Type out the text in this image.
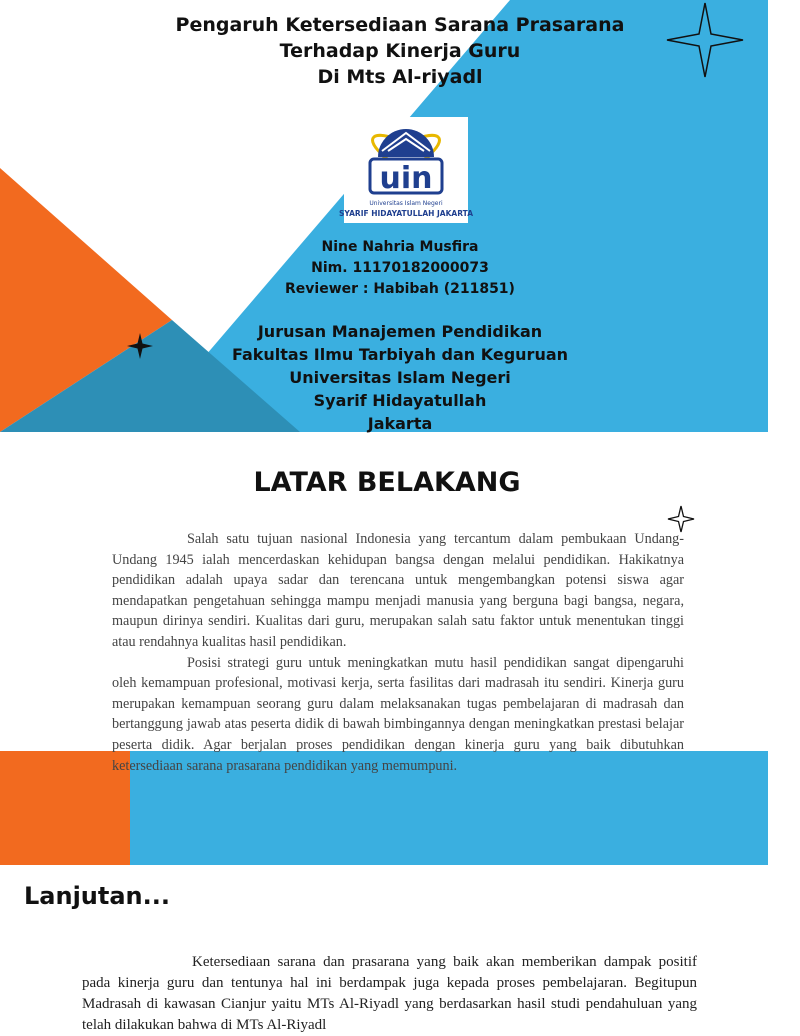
Pengaruh Ketersediaan Sarana Prasarana
Terhadap Kinerja Guru
Di Mts Al-riyadl
uin
Universitas Islam Negeri
SYARIF HIDAYATULLAH JAKARTA
Nine Nahria Musfira
Nim. 11170182000073
Reviewer : Habibah (211851)
Jurusan Manajemen Pendidikan
Fakultas Ilmu Tarbiyah dan Keguruan
Universitas Islam Negeri
Syarif Hidayatullah
Jakarta
LATAR BELAKANG

Salah satu tujuan nasional Indonesia yang tercantum dalam pembukaan Undang-Undang 1945 ialah mencerdaskan kehidupan bangsa dengan melalui pendidikan. Hakikatnya pendidikan adalah upaya sadar dan terencana untuk mengembangkan potensi siswa agar mendapatkan pengetahuan sehingga mampu menjadi manusia yang berguna bagi bangsa, negara, maupun dirinya sendiri. Kualitas dari guru, merupakan salah satu faktor untuk menentukan tinggi atau rendahnya kualitas hasil pendidikan.

Posisi strategi guru untuk meningkatkan mutu hasil pendidikan sangat dipengaruhi oleh kemampuan profesional, motivasi kerja, serta fasilitas dari madrasah itu sendiri. Kinerja guru merupakan kemampuan seorang guru dalam melaksanakan tugas pembelajaran di madrasah dan bertanggung jawab atas peserta didik di bawah bimbingannya dengan meningkatkan prestasi belajar peserta didik. Agar berjalan proses pendidikan dengan kinerja guru yang baik dibutuhkan ketersediaan sarana prasarana pendidikan yang memumpuni.

Lanjutan...

Ketersediaan sarana dan prasarana yang baik akan memberikan dampak positif pada kinerja guru dan tentunya hal ini berdampak juga kepada proses pembelajaran. Begitupun Madrasah di kawasan Cianjur yaitu MTs Al-Riyadl yang berdasarkan hasil studi pendahuluan yang telah dilakukan bahwa di MTs Al-Riyadl
